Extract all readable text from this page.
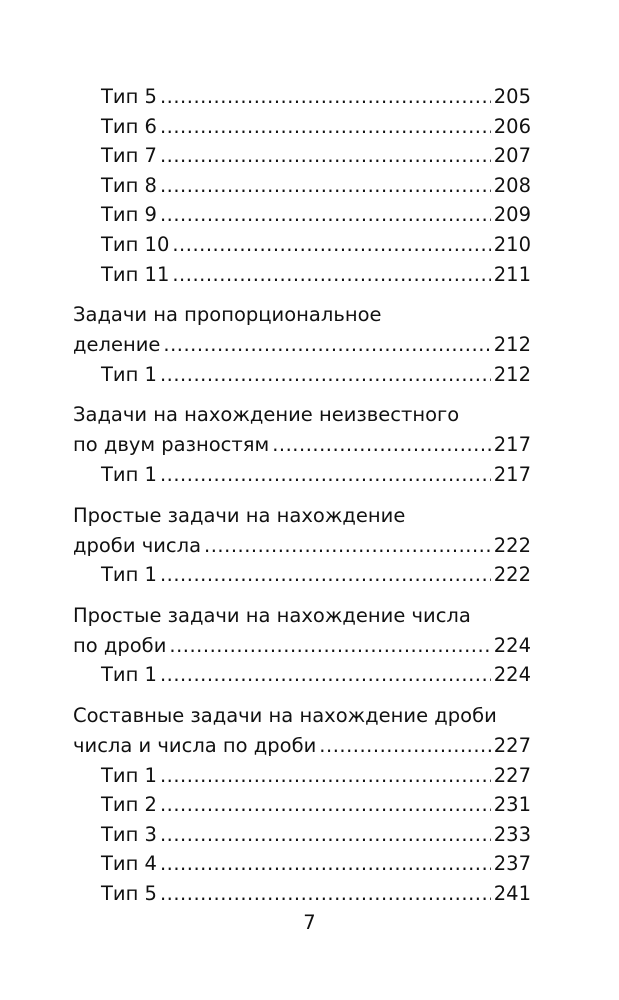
Тип 5 .....	205
Тип 6 .....	206
Тип 7 .....	207
Тип 8 .....	208
Тип 9 .....	209
Тип 10 .....	210
Тип 11 .....	211
Задачи на пропорциональное
деление .....	212
Тип 1 .....	212
Задачи на нахождение неизвестного
по двум разностям .....	217
Тип 1 .....	217
Простые задачи на нахождение
дроби числа .....	222
Тип 1 .....	222
Простые задачи на нахождение числа
по дроби .....	224
Тип 1 .....	224
Составные задачи на нахождение дроби
числа и числа по дроби .....	227
Тип 1 .....	227
Тип 2 .....	231
Тип 3 .....	233
Тип 4 .....	237
Тип 5 .....	241
7
